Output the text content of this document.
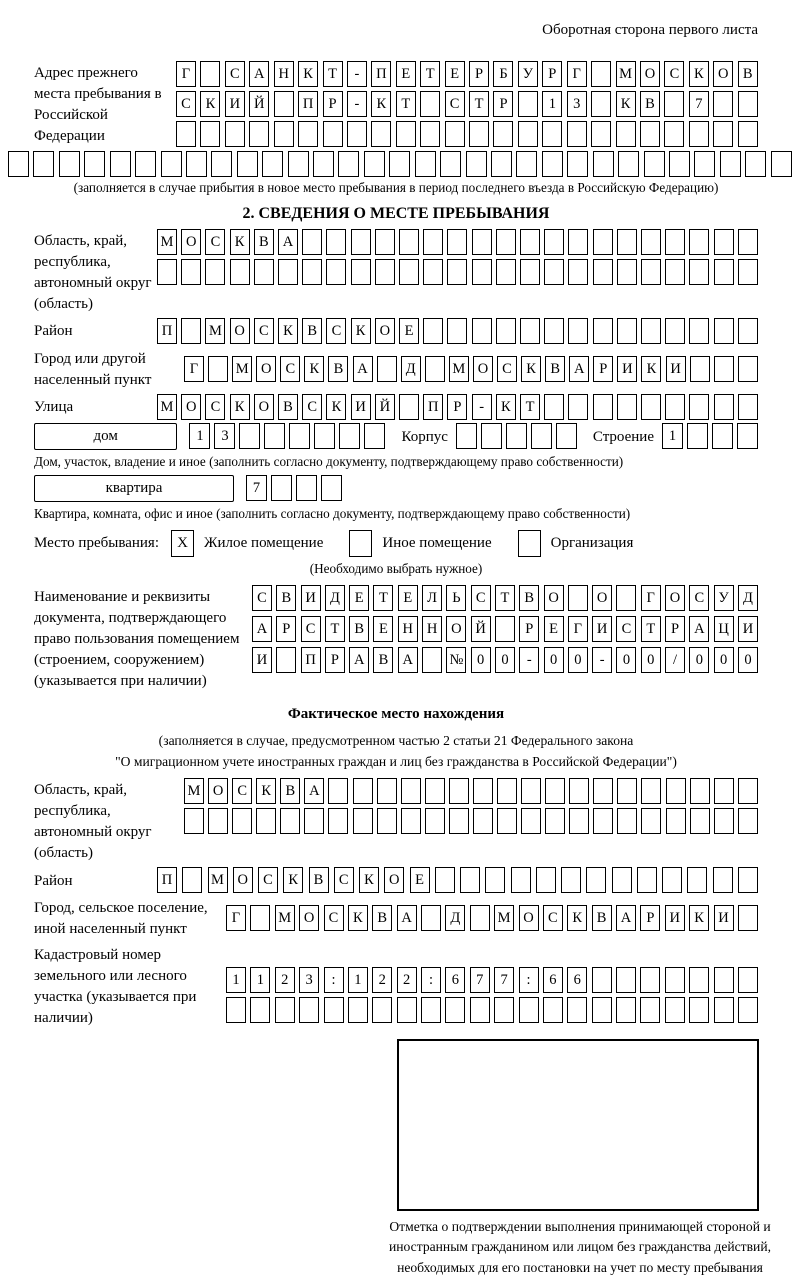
Оборотная сторона первого листа
Адрес прежнего места пребывания в Российской Федерации
Г	С А Н К	Т	-	П	Е	Т	Е	Р	Б	У	Р	Г	М О С	К О В
С	К И Й	П	Р	-	К	Т	С	Т	Р	1	3	К	В	7
(заполняется в случае прибытия в новое место пребывания в период последнего въезда в Российскую Федерацию)
2. СВЕДЕНИЯ О МЕСТЕ ПРЕБЫВАНИЯ
Область, край, республика, автономный округ (область)
М О С	К	В А
Район	П	М О С	К	В	С	К О	Е
Город или другой населенный пункт
Г	М О С К В А	Д	М О С К В А	Р	И К И
Улица	М О С	К О В	С	К И Й	П	Р	-	К	Т
дом	1	3	Корпус	Строение	1
Дом, участок, владение и иное (заполнить согласно документу, подтверждающему право собственности)
квартира	7
Квартира, комната, офис и иное (заполнить согласно документу, подтверждающему право собственности)
Место пребывания:	X	Жилое помещение	Иное помещение	Организация
(Необходимо выбрать нужное)
Наименование и реквизиты документа, подтверждающего право пользования помещением (строением, сооружением) (указывается при наличии)
С	В И Д	Е	Т	Е	Л	Ь	С	Т	В О	О	Г	О С У Д
А	Р	С	Т	В	Е	Н Н О Й	Р	Е	Г	И С	Т	Р	А Ц И
И	П	Р	А В А	№ 0	0	-	0	0	-	0	0	/	0	0	0
Фактическое место нахождения
(заполняется в случае, предусмотренном частью 2 статьи 21 Федерального закона
"О миграционном учете иностранных граждан и лиц без гражданства в Российской Федерации")
Область, край, республика, автономный округ (область)
М О С К В А
Район	П	М О	С	К	В	С	К	О	Е
Город, сельское поселение, иной населенный пункт
Г	М О С	К	В А	Д	М О С	К	В А	Р	И К И
Кадастровый номер земельного или лесного участка (указывается при наличии)
1	1	2	3	:	1	2	2	:	6	7	7	:	6	6
Отметка о подтверждении выполнения принимающей стороной и иностранным гражданином или лицом без гражданства действий, необходимых для его постановки на учет по месту пребывания
